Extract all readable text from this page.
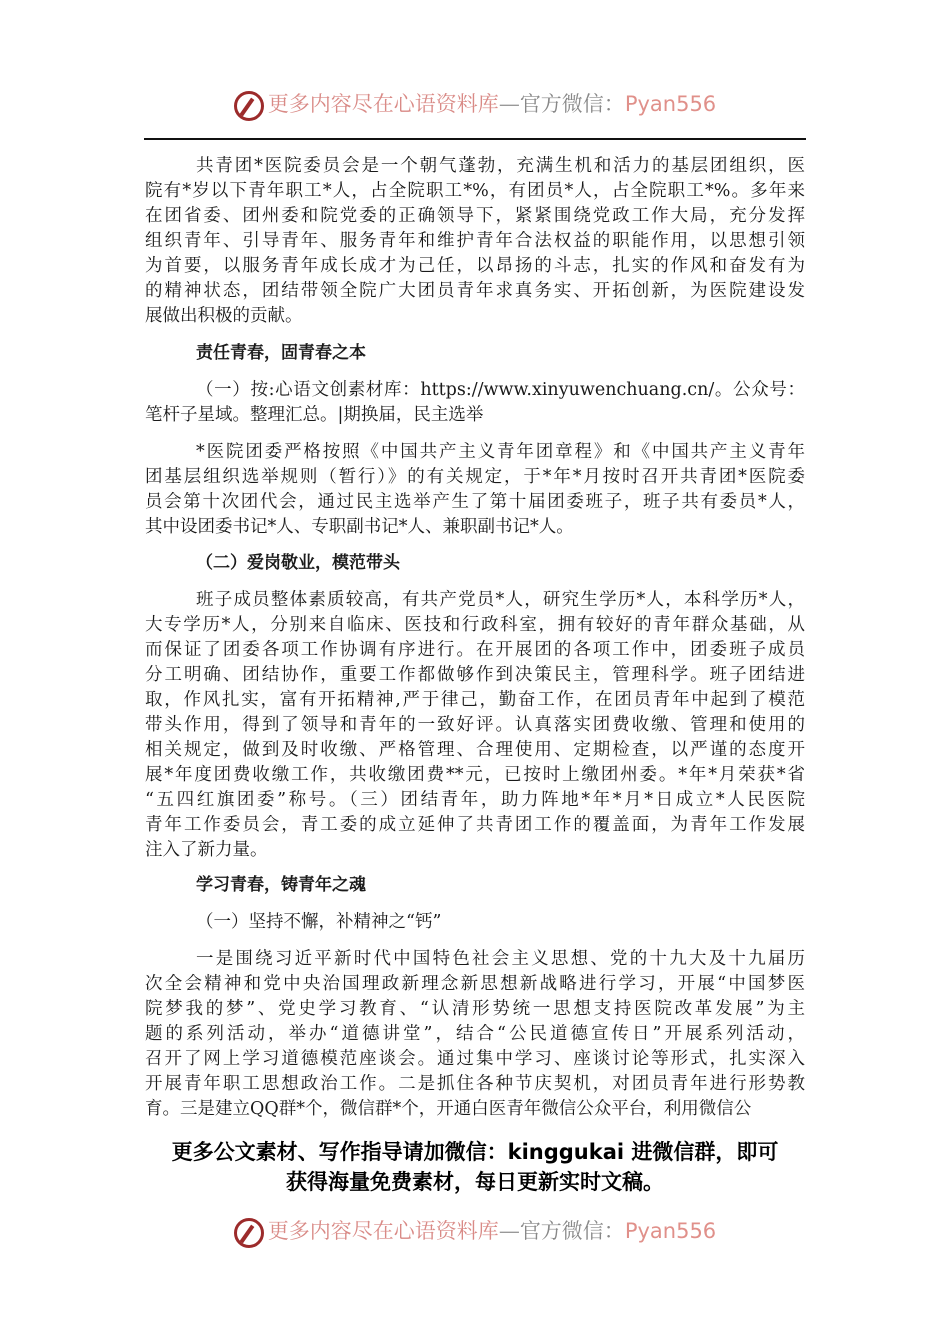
更多内容尽在心语资料库—官方微信：Pyan556
共青团*医院委员会是一个朝气蓬勃，充满生机和活力的基层团组织，医
院有*岁以下青年职工*人，占全院职工*%，有团员*人，占全院职工*%。多年来
在团省委、团州委和院党委的正确领导下，紧紧围绕党政工作大局，充分发挥
组织青年、引导青年、服务青年和维护青年合法权益的职能作用，以思想引领
为首要，以服务青年成长成才为己任，以昂扬的斗志，扎实的作风和奋发有为
的精神状态，团结带领全院广大团员青年求真务实、开拓创新，为医院建设发
展做出积极的贡献。
责任青春，固青春之本
（一）按:心语文创素材库：https://www.xinyuwenchuang.cn/。公众号：
笔杆子星域。整理汇总。|期换届，民主选举
*医院团委严格按照《中国共产主义青年团章程》和《中国共产主义青年
团基层组织选举规则（暂行）》的有关规定，于*年*月按时召开共青团*医院委
员会第十次团代会，通过民主选举产生了第十届团委班子，班子共有委员*人，
其中设团委书记*人、专职副书记*人、兼职副书记*人。
（二）爱岗敬业，模范带头
班子成员整体素质较高，有共产党员*人，研究生学历*人，本科学历*人，
大专学历*人，分别来自临床、医技和行政科室，拥有较好的青年群众基础，从
而保证了团委各项工作协调有序进行。在开展团的各项工作中，团委班子成员
分工明确、团结协作，重要工作都做够作到决策民主，管理科学。班子团结进
取，作风扎实，富有开拓精神,严于律己，勤奋工作，在团员青年中起到了模范
带头作用，得到了领导和青年的一致好评。认真落实团费收缴、管理和使用的
相关规定，做到及时收缴、严格管理、合理使用、定期检查，以严谨的态度开
展*年度团费收缴工作，共收缴团费**元，已按时上缴团州委。*年*月荣获*省
“五四红旗团委”称号。（三）团结青年，助力阵地*年*月*日成立*人民医院
青年工作委员会，青工委的成立延伸了共青团工作的覆盖面，为青年工作发展
注入了新力量。
学习青春，铸青年之魂
（一）坚持不懈，补精神之“钙”
一是围绕习近平新时代中国特色社会主义思想、党的十九大及十九届历
次全会精神和党中央治国理政新理念新思想新战略进行学习，开展“中国梦医
院梦我的梦”、党史学习教育、“认清形势统一思想支持医院改革发展”为主
题的系列活动，举办“道德讲堂”，结合“公民道德宣传日”开展系列活动，
召开了网上学习道德模范座谈会。通过集中学习、座谈讨论等形式，扎实深入
开展青年职工思想政治工作。二是抓住各种节庆契机，对团员青年进行形势教
育。三是建立QQ群*个，微信群*个，开通白医青年微信公众平台，利用微信公
更多公文素材、写作指导请加微信：kinggukai 进微信群，即可
获得海量免费素材，每日更新实时文稿。
更多内容尽在心语资料库—官方微信：Pyan556
